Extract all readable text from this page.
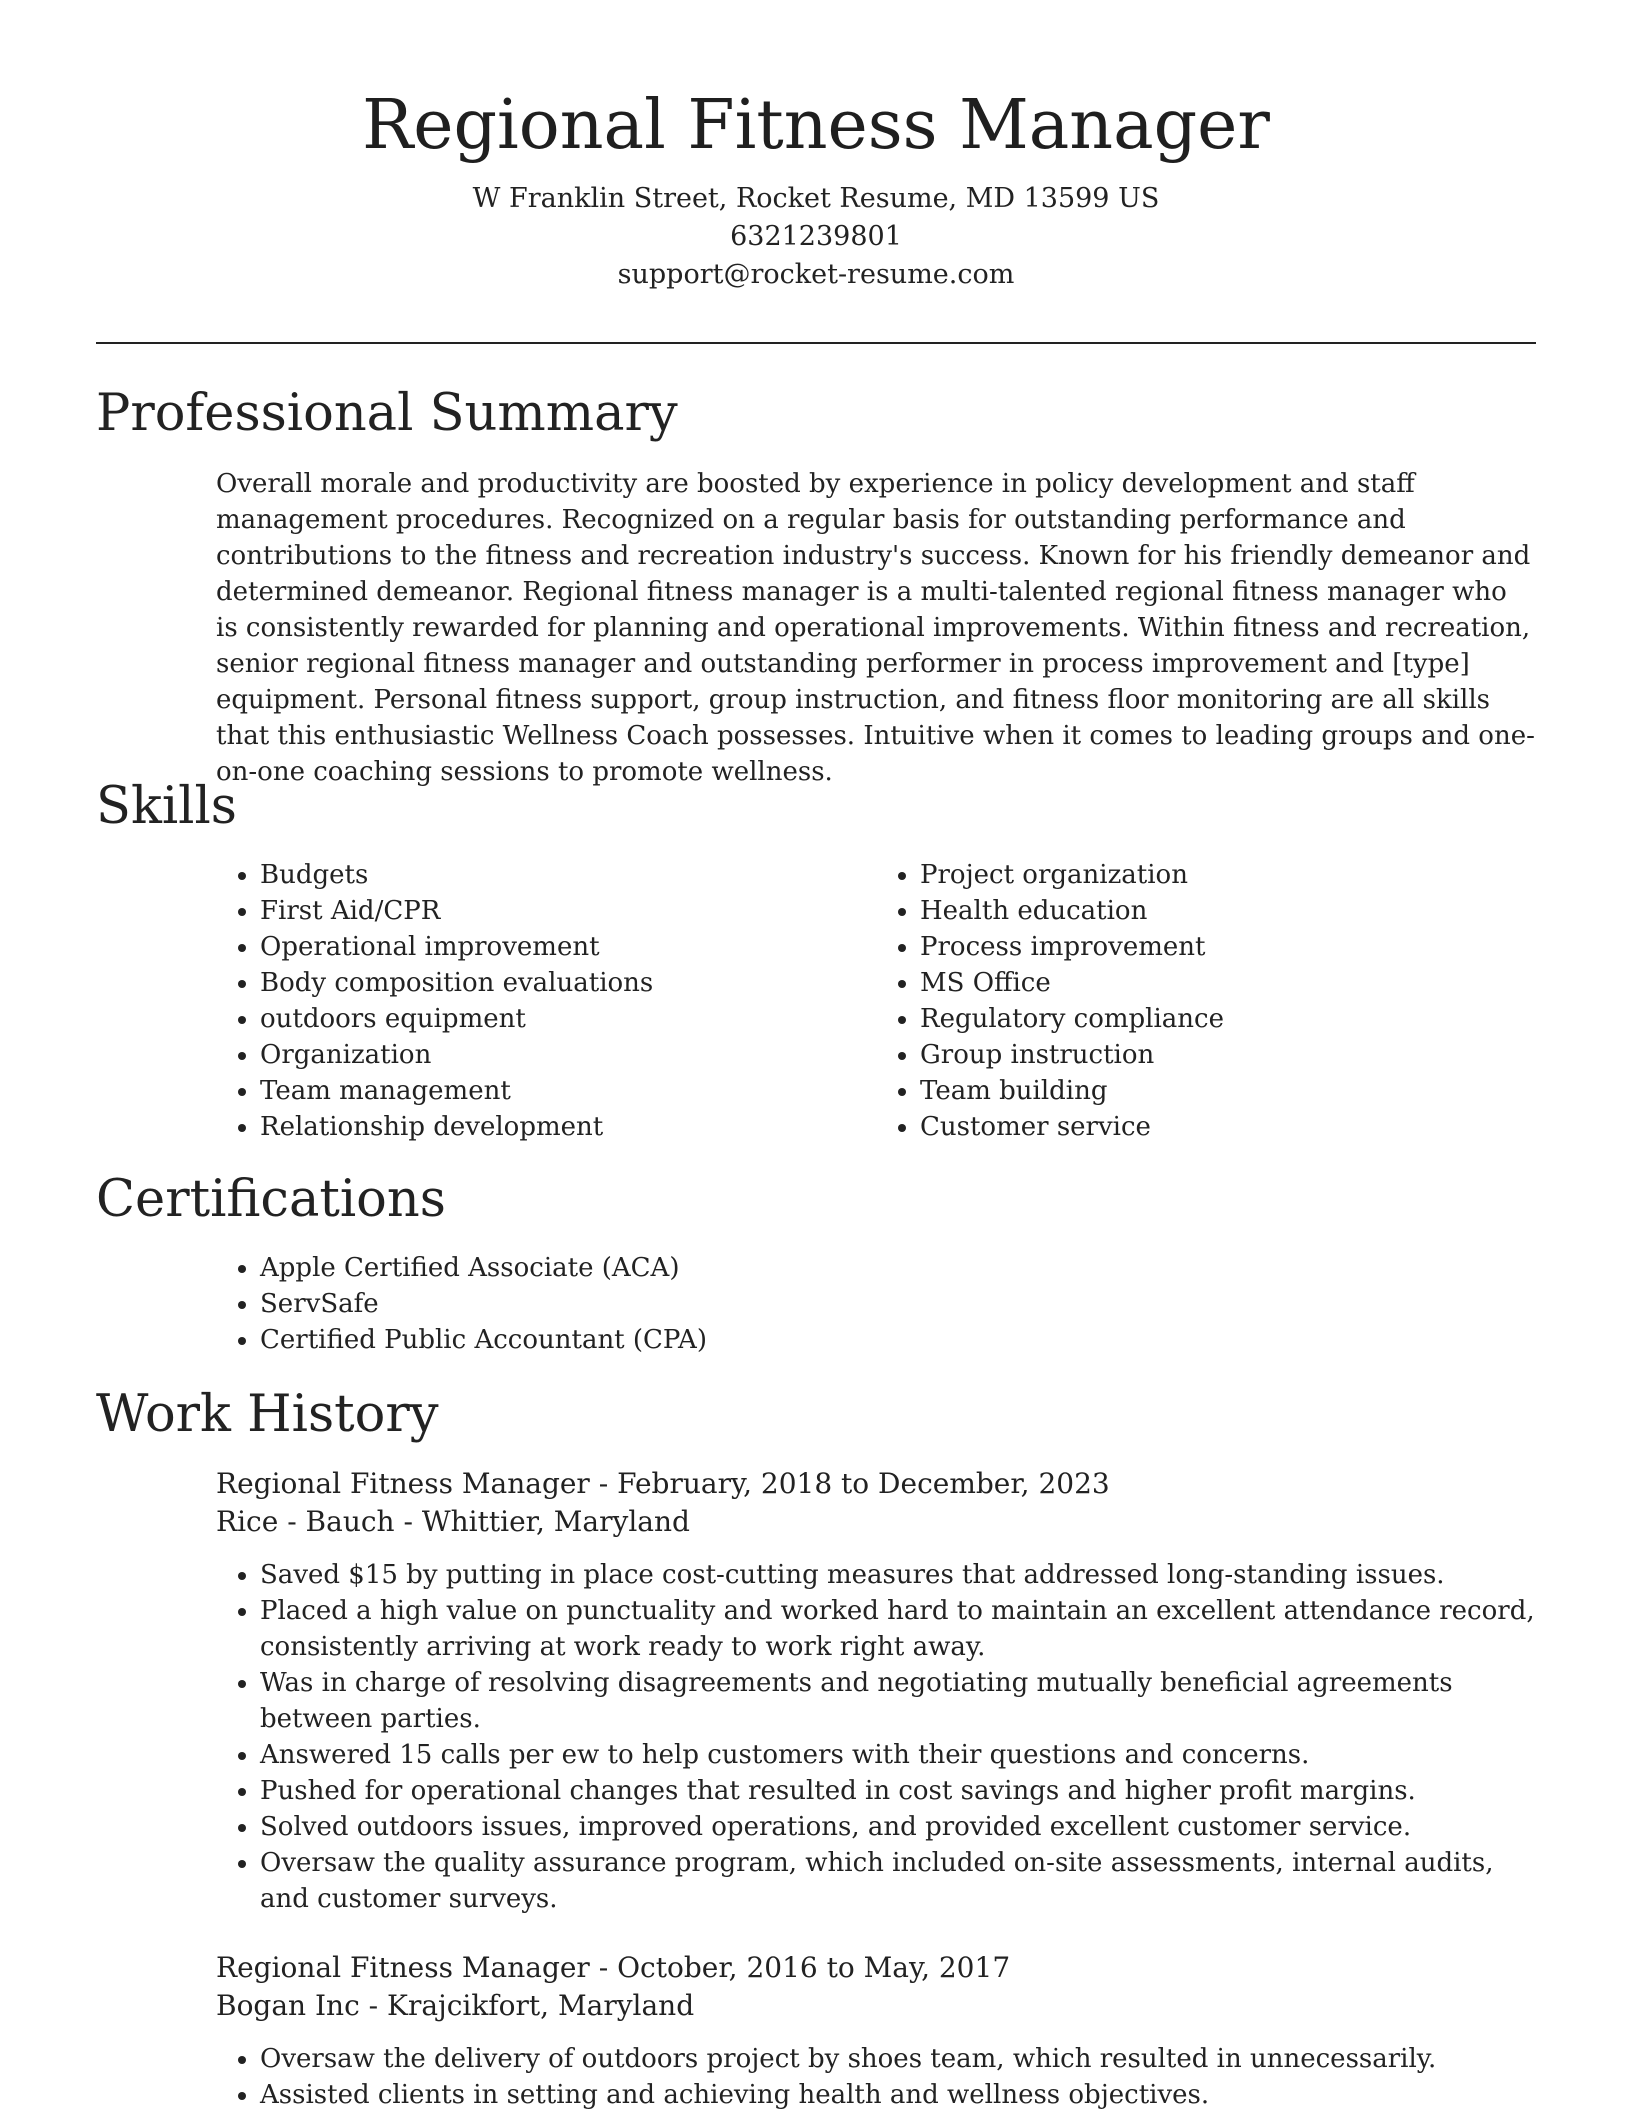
Regional Fitness Manager
W Franklin Street, Rocket Resume, MD 13599 US
6321239801
support@rocket-resume.com
Professional Summary
Overall morale and productivity are boosted by experience in policy development and staff management procedures. Recognized on a regular basis for outstanding performance and contributions to the fitness and recreation industry's success. Known for his friendly demeanor and determined demeanor. Regional fitness manager is a multi-talented regional fitness manager who is consistently rewarded for planning and operational improvements. Within fitness and recreation, senior regional fitness manager and outstanding performer in process improvement and [type] equipment. Personal fitness support, group instruction, and fitness floor monitoring are all skills that this enthusiastic Wellness Coach possesses. Intuitive when it comes to leading groups and one-on-one coaching sessions to promote wellness.
Skills
• Budgets
• First Aid/CPR
• Operational improvement
• Body composition evaluations
• outdoors equipment
• Organization
• Team management
• Relationship development
• Project organization
• Health education
• Process improvement
• MS Office
• Regulatory compliance
• Group instruction
• Team building
• Customer service
Certifications
• Apple Certified Associate (ACA)
• ServSafe
• Certified Public Accountant (CPA)
Work History
Regional Fitness Manager - February, 2018 to December, 2023
Rice - Bauch - Whittier, Maryland
• Saved $15 by putting in place cost-cutting measures that addressed long-standing issues.
• Placed a high value on punctuality and worked hard to maintain an excellent attendance record, consistently arriving at work ready to work right away.
• Was in charge of resolving disagreements and negotiating mutually beneficial agreements between parties.
• Answered 15 calls per ew to help customers with their questions and concerns.
• Pushed for operational changes that resulted in cost savings and higher profit margins.
• Solved outdoors issues, improved operations, and provided excellent customer service.
• Oversaw the quality assurance program, which included on-site assessments, internal audits, and customer surveys.
Regional Fitness Manager - October, 2016 to May, 2017
Bogan Inc - Krajcikfort, Maryland
• Oversaw the delivery of outdoors project by shoes team, which resulted in unnecessarily.
• Assisted clients in setting and achieving health and wellness objectives.
